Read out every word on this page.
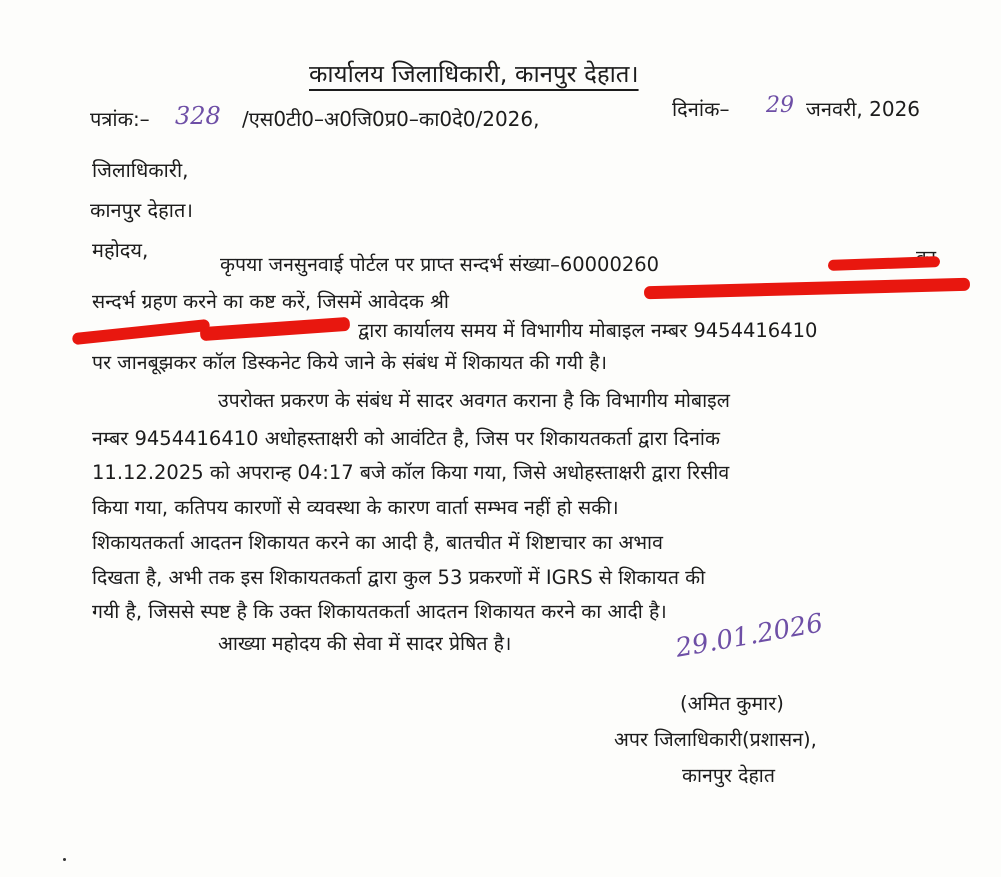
कार्यालय जिलाधिकारी, कानपुर देहात।
पत्रांक:– 328 /एस0टी0–अ0जि0प्र0–का0दे0/2026,	दिनांक– 29 जनवरी, 2026
जिलाधिकारी,
कानपुर देहात।
महोदय,
कृपया जनसुनवाई पोर्टल पर प्राप्त सन्दर्भ संख्या–60000260
सन्दर्भ ग्रहण करने का कष्ट करें, जिसमें आवेदक श्री
द्वारा कार्यालय समय में विभागीय मोबाइल नम्बर 9454416410
पर जानबूझकर कॉल डिस्कनेट किये जाने के संबंध में शिकायत की गयी है।
उपरोक्त प्रकरण के संबंध में सादर अवगत कराना है कि विभागीय मोबाइल
नम्बर 9454416410 अधोहस्ताक्षरी को आवंटित है, जिस पर शिकायतकर्ता द्वारा दिनांक
11.12.2025 को अपरान्ह 04:17 बजे कॉल किया गया, जिसे अधोहस्ताक्षरी द्वारा रिसीव
किया गया, कतिपय कारणों से व्यवस्था के कारण वार्ता सम्भव नहीं हो सकी।
शिकायतकर्ता आदतन शिकायत करने का आदी है, बातचीत में शिष्टाचार का अभाव
दिखता है, अभी तक इस शिकायतकर्ता द्वारा कुल 53 प्रकरणों में IGRS से शिकायत की
गयी है, जिससे स्पष्ट है कि उक्त शिकायतकर्ता आदतन शिकायत करने का आदी है।
आख्या महोदय की सेवा में सादर प्रेषित है।	29.01.2026
(अमित कुमार)
अपर जिलाधिकारी(प्रशासन),
कानपुर देहात
